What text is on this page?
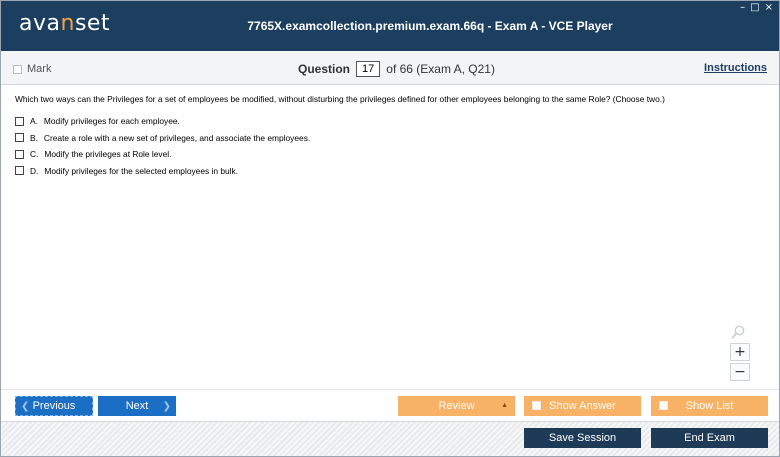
avanset	7765X.examcollection.premium.exam.66q - Exam A - VCE Player
– □ ×
Mark	Question	17	of 66 (Exam A, Q21)	Instructions
Which two ways can the Privileges for a set of employees be modified, without disturbing the privileges defined for other employees belonging to the same Role? (Choose two.)
A. Modify privileges for each employee.
B. Create a role with a new set of privileges, and associate the employees.
C. Modify the privileges at Role level.
D. Modify privileges for the selected employees in bulk.
+
−
❮ Previous	Next ❯	Review	▲	Show Answer	Show List
Save Session	End Exam
